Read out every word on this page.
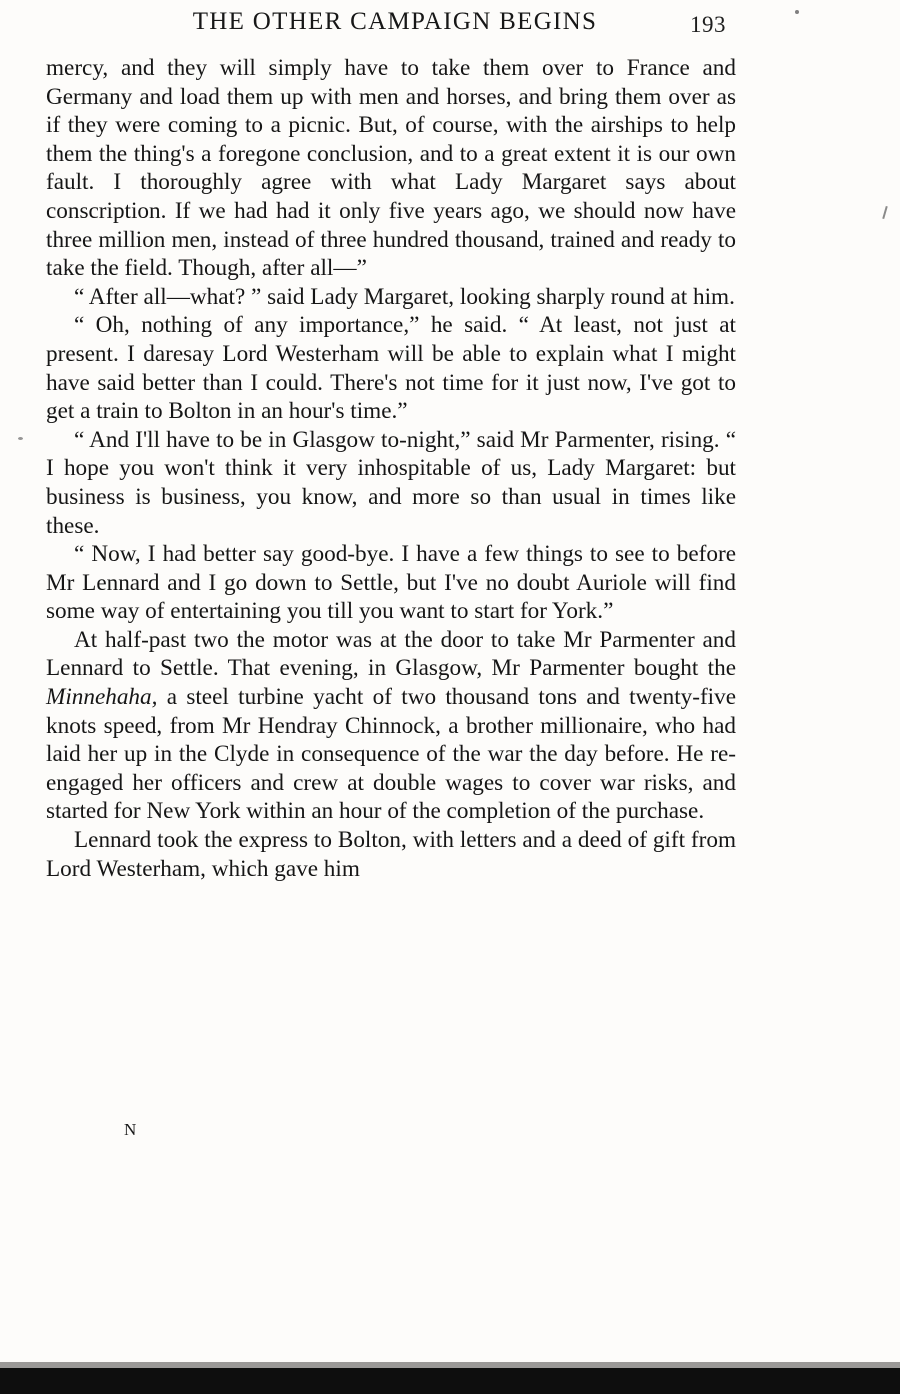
THE OTHER CAMPAIGN BEGINS	193

mercy, and they will simply have to take them over to France and Germany and load them up with men and horses, and bring them over as if they were coming to a picnic. But, of course, with the airships to help them the thing's a foregone conclusion, and to a great extent it is our own fault. I thoroughly agree with what Lady Margaret says about conscription. If we had had it only five years ago, we should now have three million men, instead of three hundred thousand, trained and ready to take the field. Though, after all—”

“ After all—what? ” said Lady Margaret, looking sharply round at him.

“ Oh, nothing of any importance,” he said. “ At least, not just at present. I daresay Lord Westerham will be able to explain what I might have said better than I could. There's not time for it just now, I've got to get a train to Bolton in an hour's time.”

“ And I'll have to be in Glasgow to-night,” said Mr Parmenter, rising. “ I hope you won't think it very inhospitable of us, Lady Margaret: but business is business, you know, and more so than usual in times like these.

“ Now, I had better say good-bye. I have a few things to see to before Mr Lennard and I go down to Settle, but I've no doubt Auriole will find some way of entertaining you till you want to start for York.”

At half-past two the motor was at the door to take Mr Parmenter and Lennard to Settle. That evening, in Glasgow, Mr Parmenter bought the Minnehaha, a steel turbine yacht of two thousand tons and twenty-five knots speed, from Mr Hendray Chinnock, a brother millionaire, who had laid her up in the Clyde in consequence of the war the day before. He re-engaged her officers and crew at double wages to cover war risks, and started for New York within an hour of the completion of the purchase.

Lennard took the express to Bolton, with letters and a deed of gift from Lord Westerham, which gave him

N
